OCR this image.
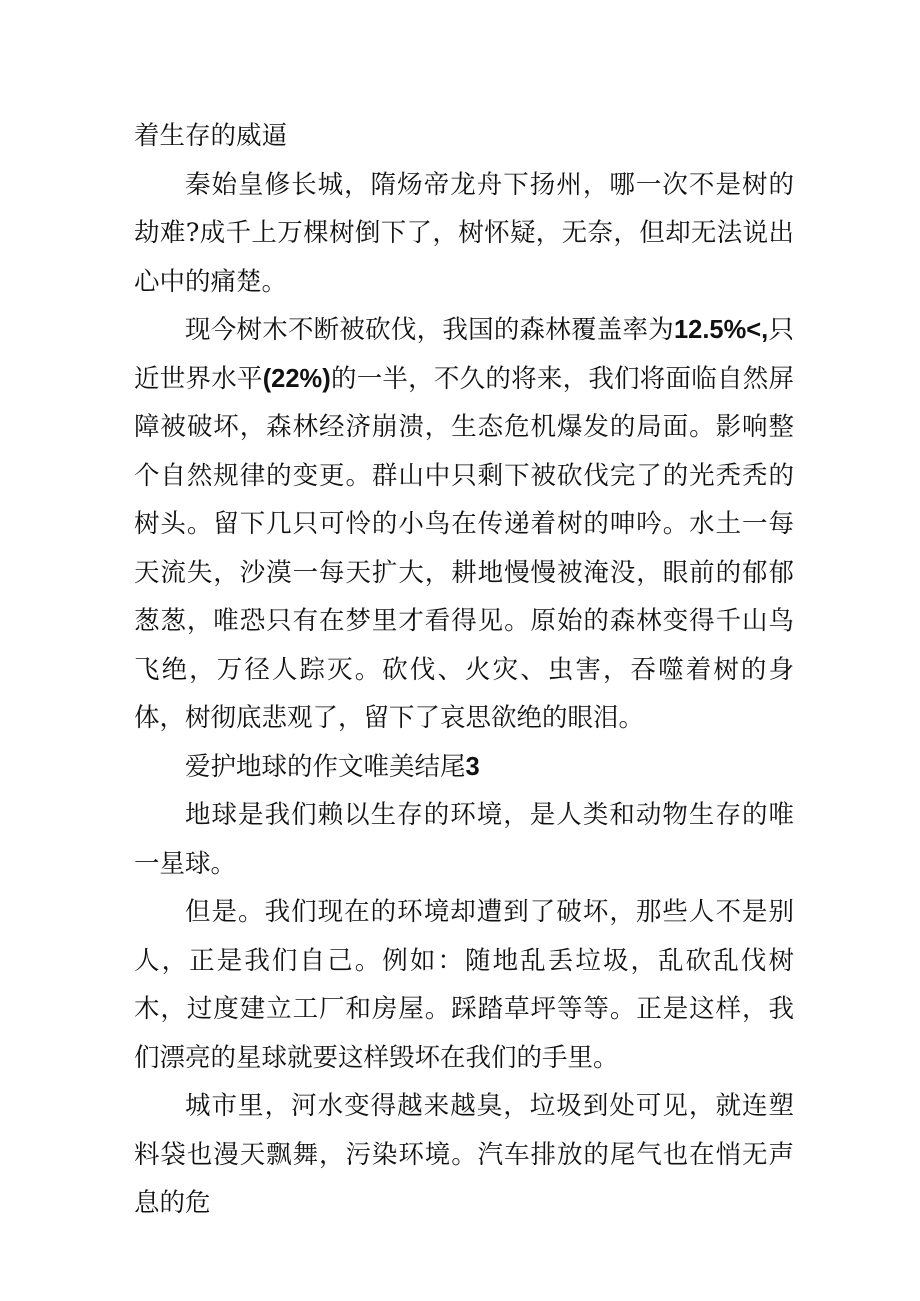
着生存的威逼

秦始皇修长城，隋炀帝龙舟下扬州，哪一次不是树的劫难?成千上万棵树倒下了，树怀疑，无奈，但却无法说出心中的痛楚。

现今树木不断被砍伐，我国的森林覆盖率为12.5%<,只近世界水平(22%)的一半，不久的将来，我们将面临自然屏障被破坏，森林经济崩溃，生态危机爆发的局面。影响整个自然规律的变更。群山中只剩下被砍伐完了的光秃秃的树头。留下几只可怜的小鸟在传递着树的呻吟。水土一每天流失，沙漠一每天扩大，耕地慢慢被淹没，眼前的郁郁葱葱，唯恐只有在梦里才看得见。原始的森林变得千山鸟飞绝，万径人踪灭。砍伐、火灾、虫害，吞噬着树的身体，树彻底悲观了，留下了哀思欲绝的眼泪。

爱护地球的作文唯美结尾3

地球是我们赖以生存的环境，是人类和动物生存的唯一星球。

但是。我们现在的环境却遭到了破坏，那些人不是别人，正是我们自己。例如：随地乱丢垃圾，乱砍乱伐树木，过度建立工厂和房屋。踩踏草坪等等。正是这样，我们漂亮的星球就要这样毁坏在我们的手里。

城市里，河水变得越来越臭，垃圾到处可见，就连塑料袋也漫天飘舞，污染环境。汽车排放的尾气也在悄无声息的危
